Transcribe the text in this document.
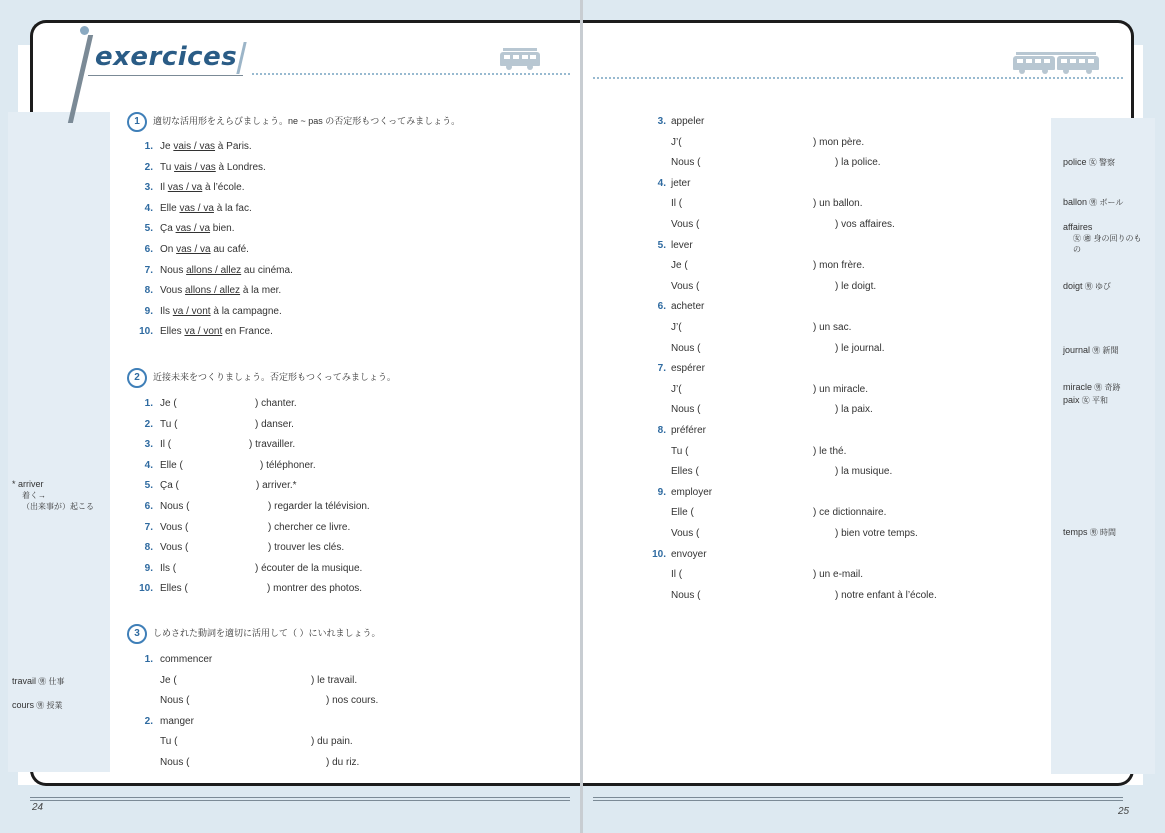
exercices
1	適切な活用形をえらびましょう。ne ~ pas の否定形もつくってみましょう。
1. Je vais / vas à Paris.
2. Tu vais / vas à Londres.
3. Il vas / va à l’école.
4. Elle vas / va à la fac.
5. Ça vas / va bien.
6. On vas / va au café.
7. Nous allons / allez au cinéma.
8. Vous allons / allez à la mer.
9. Ils va / vont à la campagne.
10. Elles va / vont en France.
2	近接未来をつくりましょう。否定形もつくってみましょう。
1. Je (	) chanter.
2. Tu (	) danser.
3. Il (	) travailler.
4. Elle (	) téléphoner.
5. Ça (	) arriver.*
6. Nous (	) regarder la télévision.
7. Vous (	) chercher ce livre.
8. Vous (	) trouver les clés.
9. Ils (	) écouter de la musique.
10. Elles (	) montrer des photos.
3	しめされた動詞を適切に活用して（ ）にいれましょう。
1. commencer
Je (	) le travail.
Nous (	) nos cours.
2. manger
Tu (	) du pain.
Nous (	) du riz.
* arriver
着く→
（出来事が）起こる
travail ㊚ 仕事
cours ㊚ 授業
24
3. appeler
J’(	) mon père.
Nous (	) la police.
4. jeter
Il (	) un ballon.
Vous (	) vos affaires.
5. lever
Je (	) mon frère.
Vous (	) le doigt.
6. acheter
J’(	) un sac.
Nous (	) le journal.
7. espérer
J’(	) un miracle.
Nous (	) la paix.
8. préférer
Tu (	) le thé.
Elles (	) la musique.
9. employer
Elle (	) ce dictionnaire.
Vous (	) bien votre temps.
10. envoyer
Il (	) un e-mail.
Nous (	) notre enfant à l’école.
police ㊛ 警察
ballon ㊚ ボール
affaires
㊛ ㊜ 身の回りのも
の
doigt ㊚ ゆび
journal ㊚ 新聞
miracle ㊚ 奇跡
paix ㊛ 平和
temps ㊚ 時間
25
